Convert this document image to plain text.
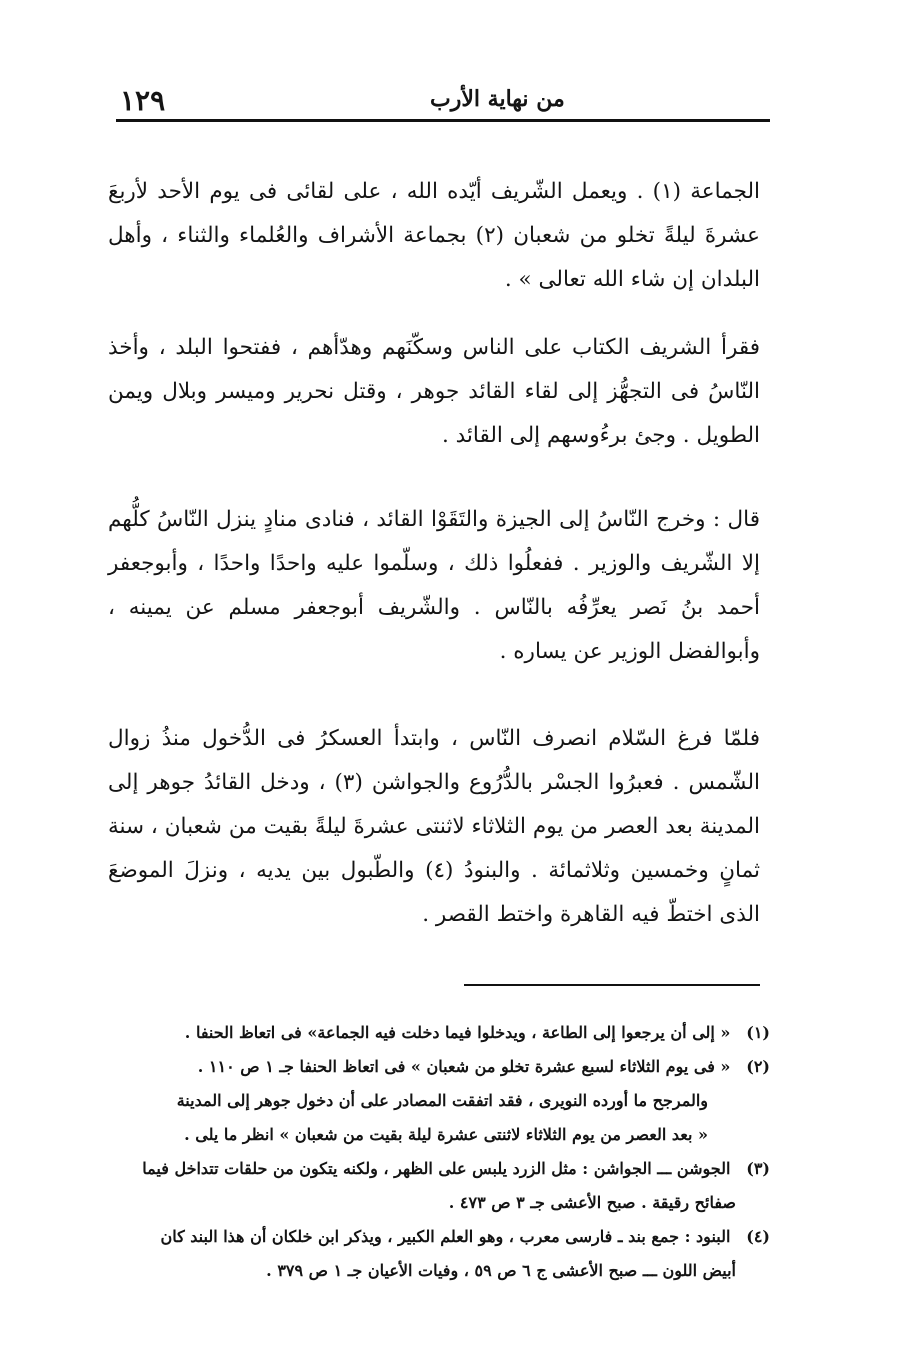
١٢٩	من نهاية الأرب

الجماعة (١) . ويعمل الشّريف أيّده الله ، على لقائى فى يوم الأحد لأربعَ عشرةَ ليلةً تخلو من شعبان (٢) بجماعة الأشراف والعُلماء والثناء ، وأهل البلدان إن شاء الله تعالى » .

فقرأ الشريف الكتاب على الناس وسكّنَهم وهدّأهم ، ففتحوا البلد ، وأخذ النّاسُ فى التجهُّز إلى لقاء القائد جوهر ، وقتل نحرير وميسر وبلال ويمن الطويل . وجئ برءُوسهم إلى القائد .

قال : وخرج النّاسُ إلى الجيزة والتَقَوْا القائد ، فنادى منادٍ ينزل النّاسُ كلُّهم إلا الشّريف والوزير . ففعلُوا ذلك ، وسلّموا عليه واحدًا واحدًا ، وأبوجعفر أحمد بنُ نَصر يعرِّفُه بالنّاس . والشّريف أبوجعفر مسلم عن يمينه ، وأبوالفضل الوزير عن يساره .

فلمّا فرغ السّلام انصرف النّاس ، وابتدأ العسكرُ فى الدُّخول منذُ زوال الشّمس . فعبرُوا الجسْر بالدُّرُوع والجواشن (٣) ، ودخل القائدُ جوهر إلى المدينة بعد العصر من يوم الثلاثاء لاثنتى عشرةَ ليلةً بقيت من شعبان ، سنة ثمانٍ وخمسين وثلاثمائة . والبنودُ (٤) والطّبول بين يديه ، ونزلَ الموضعَ الذى اختطّ فيه القاهرة واختط القصر .

(١) « إلى أن يرجعوا إلى الطاعة ، ويدخلوا فيما دخلت فيه الجماعة» فى اتعاظ الحنفا .
(٢) « فى يوم الثلاثاء لسبع عشرة تخلو من شعبان » فى اتعاظ الحنفا جـ ١ ص ١١٠ .
والمرجح ما أورده النويرى ، فقد اتفقت المصادر على أن دخول جوهر إلى المدينة
« بعد العصر من يوم الثلاثاء لاثنتى عشرة ليلة بقيت من شعبان » انظر ما يلى .
(٣) الجوشن ـــ الجواشن : مثل الزرد يلبس على الظهر ، ولكنه يتكون من حلقات تتداخل فيما
صفائح رقيقة . صبح الأعشى جـ ٣ ص ٤٧٣ .
(٤) البنود : جمع بند ـ فارسى معرب ، وهو العلم الكبير ، ويذكر ابن خلكان أن هذا البند كان
أبيض اللون ـــ صبح الأعشى ج ٦ ص ٥٩ ، وفيات الأعيان جـ ١ ص ٣٧٩ .
